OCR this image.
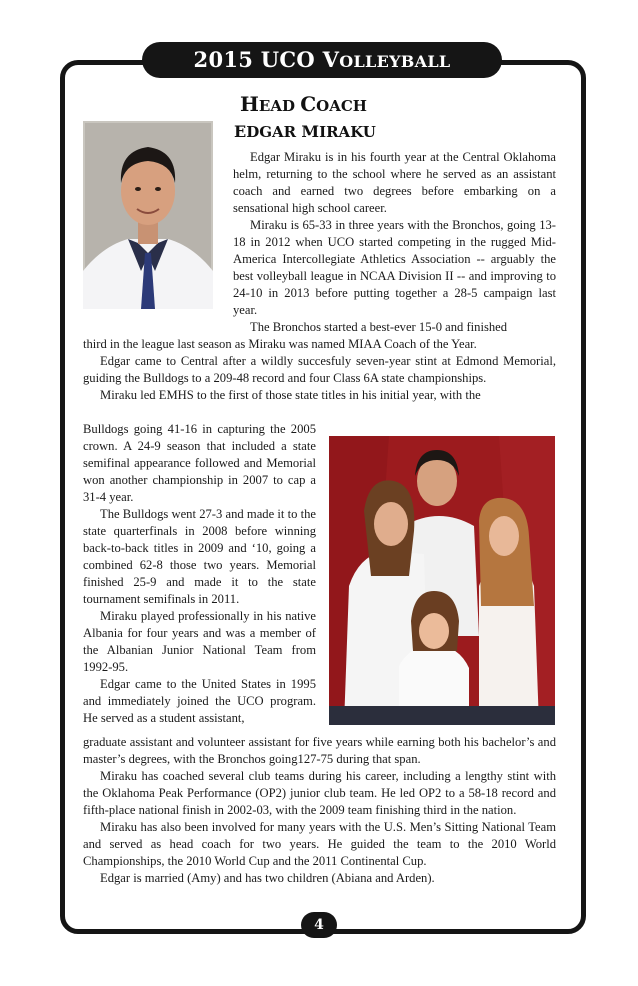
2015 UCO VOLLEYBALL
HEAD COACH
EDGAR MIRAKU

Edgar Miraku is in his fourth year at the Central Oklahoma helm, returning to the school where he served as an assistant coach and earned two degrees before embarking on a sensational high school career.

Miraku is 65-33 in three years with the Bronchos, going 13-18 in 2012 when UCO started competing in the rugged Mid-America Intercollegiate Athletics Association -- arguably the best volleyball league in NCAA Division II -- and improving to 24-10 in 2013 before putting together a 28-5 campaign last year.

The Bronchos started a best-ever 15-0 and finished

third in the league last season as Miraku was named MIAA Coach of the Year.

Edgar came to Central after a wildly succesfuly seven-year stint at Edmond Memorial, guiding the Bulldogs to a 209-48 record and four Class 6A state championships.

Miraku led EMHS to the first of those state titles in his initial year, with the

Bulldogs going 41-16 in capturing the 2005 crown. A 24-9 season that included a state semifinal appearance followed and Memorial won another championship in 2007 to cap a 31-4 year.

The Bulldogs went 27-3 and made it to the state quarterfinals in 2008 before winning back-to-back titles in 2009 and ‘10, going a combined 62-8 those two years. Memorial finished 25-9 and made it to the state tournament semifinals in 2011.

Miraku played professionally in his native Albania for four years and was a member of the Albanian Junior National Team from 1992-95.

Edgar came to the United States in 1995 and immediately joined the UCO program. He served as a student assistant,

graduate assistant and volunteer assistant for five years while earning both his bachelor’s and master’s degrees, with the Bronchos going127-75 during that span.

Miraku has coached several club teams during his career, including a lengthy stint with the Oklahoma Peak Performance (OP2) junior club team. He led OP2 to a 58-18 record and fifth-place national finish in 2002-03, with the 2009 team finishing third in the nation.

Miraku has also been involved for many years with the U.S. Men’s Sitting National Team and served as head coach for two years. He guided the team to the 2010 World Championships, the 2010 World Cup and the 2011 Continental Cup.

Edgar is married (Amy) and has two children (Abiana and Arden).

4
